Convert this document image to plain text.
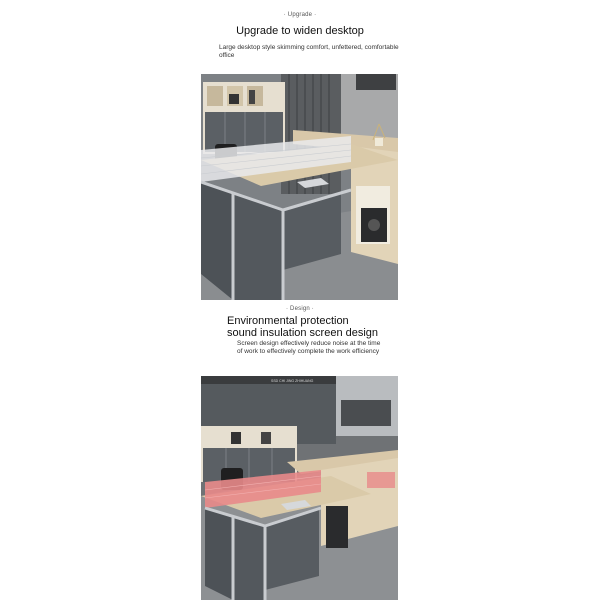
· Upgrade ·
Upgrade to widen desktop
Large desktop style skimming comfort, unfettered, comfortable office
· Design ·
Environmental protection
sound insulation screen design
Screen design effectively reduce noise at the time of work to effectively complete the work efficiency
SSD CHI JING ZHIHUANG
